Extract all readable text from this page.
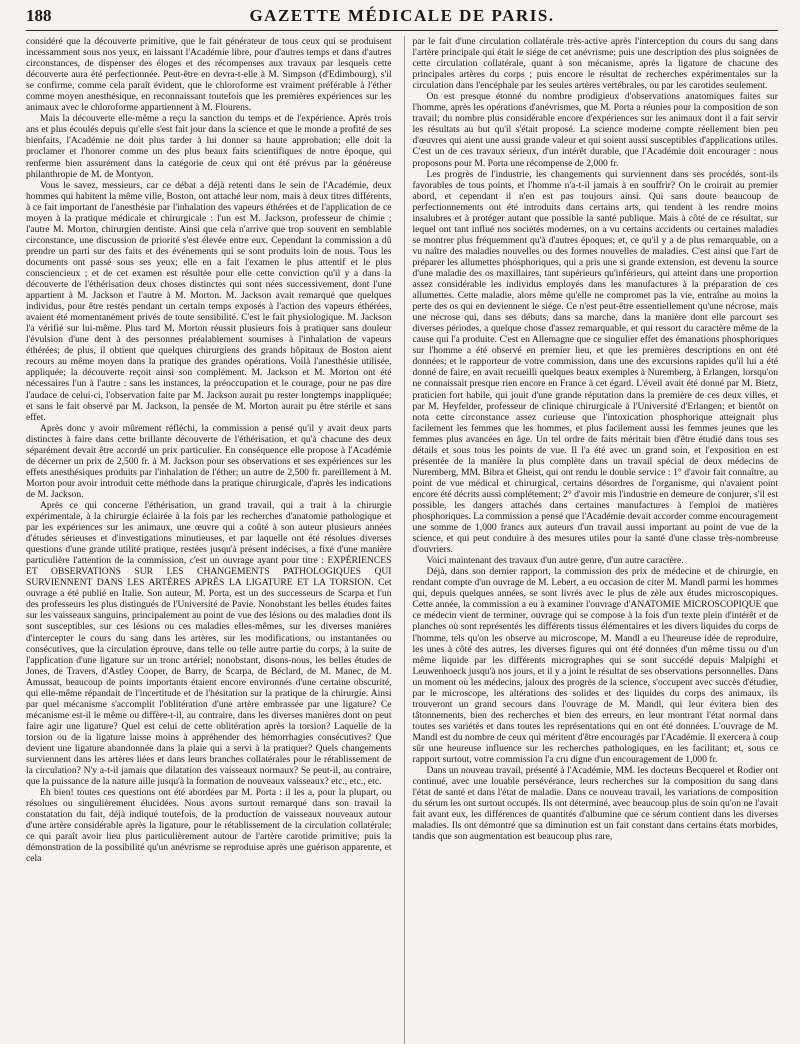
188	GAZETTE MÉDICALE DE PARIS.

considéré que la découverte primitive, que le fait générateur de tous ceux qui se produisent incessamment sous nos yeux, en laissant l'Académie libre, pour d'autres temps et dans d'autres circonstances, de dispenser des éloges et des récompenses aux travaux par lesquels cette découverte aura été perfectionnée. Peut-être en devra-t-elle à M. Simpson (d'Edimbourg), s'il se confirme, comme cela paraît évident, que le chloroforme est vraiment préférable à l'éther comme moyen anesthésique, en reconnaissant toutefois que les premières expériences sur les animaux avec le chloroforme appartiennent à M. Flourens.

Mais la découverte elle-même a reçu la sanction du temps et de l'expérience. Après trois ans et plus écoulés depuis qu'elle s'est fait jour dans la science et que le monde a profité de ses bienfaits, l'Académie ne doit plus tarder à lui donner sa haute approbation; elle doit la proclamer et l'honorer comme un des plus beaux faits scientifiques de notre époque, qui renferme bien assurément dans la catégorie de ceux qui ont été prévus par la généreuse philanthropie de M. de Montyon.

Vous le savez, messieurs, car ce débat a déjà retenti dans le sein de l'Académie, deux hommes qui habitent la même ville, Boston, ont attaché leur nom, mais à deux titres différents, à ce fait important de l'anesthésie par l'inhalation des vapeurs éthérées et de l'application de ce moyen à la pratique médicale et chirurgicale : l'un est M. Jackson, professeur de chimie ; l'autre M. Morton, chirurgien dentiste. Ainsi que cela n'arrive que trop souvent en semblable circonstance, une discussion de priorité s'est élevée entre eux. Cependant la commission a dû prendre un parti sur des faits et des événements qui se sont produits loin de nous. Tous les documents ont passé sous ses yeux; elle en a fait l'examen le plus attentif et le plus consciencieux ; et de cet examen est résultée pour elle cette conviction qu'il y a dans la découverte de l'éthérisation deux choses distinctes qui sont nées successivement, dont l'une appartient à M. Jackson et l'autre à M. Morton. M. Jackson avait remarqué que quelques individus, pour être restés pendant un certain temps exposés à l'action des vapeurs éthérées, avaient été momentanément privés de toute sensibilité. C'est le fait physiologique. M. Jackson l'a vérifié sur lui-même. Plus tard M. Morton réussit plusieurs fois à pratiquer sans douleur l'évulsion d'une dent à des personnes préalablement soumises à l'inhalation de vapeurs éthérées; de plus, il obtient que quelques chirurgiens des grands hôpitaux de Boston aient recours au même moyen dans la pratique des grandes opérations. Voilà l'anesthésie utilisée, appliquée; la découverte reçoit ainsi son complément. M. Jackson et M. Morton ont été nécessaires l'un à l'autre : sans les instances, la préoccupation et le courage, pour ne pas dire l'audace de celui-ci, l'observation faite par M. Jackson aurait pu rester longtemps inappliquée; et sans le fait observé par M. Jackson, la pensée de M. Morton aurait pu être stérile et sans effet.

Après donc y avoir mûrement réfléchi, la commission a pensé qu'il y avait deux parts distinctes à faire dans cette brillante découverte de l'éthérisation, et qu'à chacune des deux séparément devait être accordé un prix particulier. En conséquence elle propose à l'Académie de décerner un prix de 2,500 fr. à M. Jackson pour ses observations et ses expériences sur les effets anesthésiques produits par l'inhalation de l'éther; un autre de 2,500 fr. pareillement à M. Morton pour avoir introduit cette méthode dans la pratique chirurgicale, d'après les indications de M. Jackson.

Après ce qui concerne l'éthérisation, un grand travail, qui a trait à la chirurgie expérimentale, à la chirurgie éclairée à la fois par les recherches d'anatomie pathologique et par les expériences sur les animaux, une œuvre qui a coûté à son auteur plusieurs années d'études sérieuses et d'investigations minutieuses, et par laquelle ont été résolues diverses questions d'une grande utilité pratique, restées jusqu'à présent indécises, a fixé d'une manière particulière l'attention de la commission, c'est un ouvrage ayant pour titre : EXPÉRIENCES ET OBSERVATIONS SUR LES CHANGEMENTS PATHOLOGIQUES QUI SURVIENNENT DANS LES ARTÈRES APRÈS LA LIGATURE ET LA TORSION. Cet ouvrage a été publié en Italie. Son auteur, M. Porta, est un des successeurs de Scarpa et l'un des professeurs les plus distingués de l'Université de Pavie. Nonobstant les belles études faites sur les vaisseaux sanguins, principalement au point de vue des lésions ou des maladies dont ils sont susceptibles, sur ces lésions ou ces maladies elles-mêmes, sur les diverses manières d'intercepter le cours du sang dans les artères, sur les modifications, ou instantanées ou consécutives, que la circulation éprouve, dans telle ou telle autre partie du corps, à la suite de l'application d'une ligature sur un tronc artériel; nonobstant, disons-nous, les belles études de Jones, de Travers, d'Astley Cooper, de Barry, de Scarpa, de Béclard, de M. Manec, de M. Amussat, beaucoup de points importants étaient encore environnés d'une certaine obscurité, qui elle-même répandait de l'incertitude et de l'hésitation sur la pratique de la chirurgie. Ainsi par quel mécanisme s'accomplit l'oblitération d'une artère embrassée par une ligature? Ce mécanisme est-il le même ou diffère-t-il, au contraire, dans les diverses manières dont on peut faire agir une ligature? Quel est celui de cette oblitération après la torsion? Laquelle de la torsion ou de la ligature laisse moins à appréhender des hémorrhagies consécutives? Que devient une ligature abandonnée dans la plaie qui a servi à la pratiquer? Quels changements surviennent dans les artères liées et dans leurs branches collatérales pour le rétablissement de la circulation? N'y a-t-il jamais que dilatation des vaisseaux normaux? Se peut-il, au contraire, que la puissance de la nature aille jusqu'à la formation de nouveaux vaisseaux? etc., etc., etc.

Eh bien! toutes ces questions ont été abordées par M. Porta : il les a, pour la plupart, ou résolues ou singulièrement élucidées. Nous avons surtout remarqué dans son travail la constatation du fait, déjà indiqué toutefois, de la production de vaisseaux nouveaux autour d'une artère considérable après la ligature, pour le rétablissement de la circulation collatérale; ce qui paraît avoir lieu plus particulièrement autour de l'artère carotide primitive; puis la démonstration de la possibilité qu'un anévrisme se reproduise après une guérison apparente, et cela

par le fait d'une circulation collatérale très-active après l'interception du cours du sang dans l'artère principale qui était le siége de cet anévrisme; puis une description des plus soignées de cette circulation collatérale, quant à son mécanisme, après la ligature de chacune des principales artères du corps ; puis encore le résultat de recherches expérimentales sur la circulation dans l'encéphale par les seules artères vertébrales, ou par les carotides seulement.

On est presque étonné du nombre prodigieux d'observations anatomiques faites sur l'homme, après les opérations d'anévrismes, que M. Porta a réunies pour la composition de son travail; du nombre plus considérable encore d'expériences sur les animaux dont il a fait servir les résultats au but qu'il s'était proposé. La science moderne compte réellement bien peu d'œuvres qui aient une aussi grande valeur et qui soient aussi susceptibles d'applications utiles. C'est un de ces travaux sérieux, d'un intérêt durable, que l'Académie doit encourager : nous proposons pour M. Porta une récompense de 2,000 fr.

Les progrès de l'industrie, les changements qui surviennent dans ses procédés, sont-ils favorables de tous points, et l'homme n'a-t-il jamais à en souffrir? On le croirait au premier abord, et cependant il n'en est pas toujours ainsi. Qui sans doute beaucoup de perfectionnements ont été introduits dans certains arts, qui tendent à les rendre moins insalubres et à protéger autant que possible la santé publique. Mais à côté de ce résultat, sur lequel ont tant influé nos sociétés modernes, on a vu certains accidents ou certaines maladies se montrer plus fréquemment qu'à d'autres époques; et, ce qu'il y a de plus remarquable, on a vu naître des maladies nouvelles ou des formes nouvelles de maladies. C'est ainsi que l'art de préparer les allumettes phosphoriques, qui a pris une si grande extension, est devenu la source d'une maladie des os maxillaires, tant supérieurs qu'inférieurs, qui atteint dans une proportion assez considérable les individus employés dans les manufactures à la préparation de ces allumettes. Cette maladie, alors même qu'elle ne compromet pas la vie, entraîne au moins la perte des os qui en deviennent le siége. Ce n'est peut-être essentiellement qu'une nécrose, mais une nécrose qui, dans ses débuts, dans sa marche, dans la manière dont elle parcourt ses diverses périodes, a quelque chose d'assez remarquable, et qui ressort du caractère même de la cause qui l'a produite. C'est en Allemagne que ce singulier effet des émanations phosphoriques sur l'homme a été observé en premier lieu, et que les premières descriptions en ont été données; et le rapporteur de votre commission, dans une des excursions rapides qu'il lui a été donné de faire, en avait recueilli quelques beaux exemples à Nuremberg, à Erlangen, lorsqu'on ne connaissait presque rien encore en France à cet égard. L'éveil avait été donné par M. Bietz, praticien fort habile, qui jouit d'une grande réputation dans la première de ces deux villes, et par M. Heyfelder, professeur de clinique chirurgicale à l'Université d'Erlangen; et bientôt on nota cette circonstance assez curieuse que l'intoxication phosphorique atteignait plus facilement les femmes que les hommes, et plus facilement aussi les femmes jeunes que les femmes plus avancées en âge. Un tel ordre de faits méritait bien d'être étudié dans tous ses détails et sous tous les points de vue. Il l'a été avec un grand soin, et l'exposition en est présentée de la manière la plus complète dans un travail spécial de deux médecins de Nuremberg, MM. Bibra et Gheist, qui ont rendu le double service : 1° d'avoir fait connaître, au point de vue médical et chirurgical, certains désordres de l'organisme, qui n'avaient point encore été décrits aussi complétement; 2° d'avoir mis l'industrie en demeure de conjurer, s'il est possible, les dangers attachés dans certaines manufactures à l'emploi de matières phosphoriques. La commission a pensé que l'Académie devait accorder comme encouragement une somme de 1,000 francs aux auteurs d'un travail aussi important au point de vue de la science, et qui peut conduire à des mesures utiles pour la santé d'une classe très-nombreuse d'ouvriers.

Voici maintenant des travaux d'un autre genre, d'un autre caractère.

Déjà, dans son dernier rapport, la commission des prix de médecine et de chirurgie, en rendant compte d'un ouvrage de M. Lebert, a eu occasion de citer M. Mandl parmi les hommes qui, depuis quelques années, se sont livrés avec le plus de zèle aux études microscopiques. Cette année, la commission a eu à examiner l'ouvrage d'ANATOMIE MICROSCOPIQUE que ce médecin vient de terminer, ouvrage qui se compose à la fois d'un texte plein d'intérêt et de planches où sont représentés les différents tissus élémentaires et les divers liquides du corps de l'homme, tels qu'on les observe au microscope, M. Mandl a eu l'heureuse idée de reproduire, les unes à côté des autres, les diverses figures qui ont été données d'un même tissu ou d'un même liquide par les différents micrographes qui se sont succédé depuis Malpighi et Leuwenhoeck jusqu'à nos jours, et il y a joint le résultat de ses observations personnelles. Dans un moment où les médecins, jaloux des progrès de la science, s'occupent avec succès d'étudier, par le microscope, les altérations des solides et des liquides du corps des animaux, ils trouveront un grand secours dans l'ouvrage de M. Mandl, qui leur évitera bien des tâtonnements, bien des recherches et bien des erreurs, en leur montrant l'état normal dans toutes ses variétés et dans toutes les représentations qui en ont été données. L'ouvrage de M. Mandl est du nombre de ceux qui méritent d'être encouragés par l'Académie. Il exercera à coup sûr une heureuse influence sur les recherches pathologiques, en les facilitant; et, sous ce rapport surtout, votre commission l'a cru digne d'un encouragement de 1,000 fr.

Dans un nouveau travail, présenté à l'Académie, MM. les docteurs Becquerel et Rodier ont continué, avec une louable persévérance, leurs recherches sur la composition du sang dans l'état de santé et dans l'état de maladie. Dans ce nouveau travail, les variations de composition du sérum les ont surtout occupés. Ils ont déterminé, avec beaucoup plus de soin qu'on ne l'avait fait avant eux, les différences de quantités d'albumine que ce sérum contient dans les diverses maladies. Ils ont démontré que sa diminution est un fait constant dans certains états morbides, tandis que son augmentation est beaucoup plus rare,
